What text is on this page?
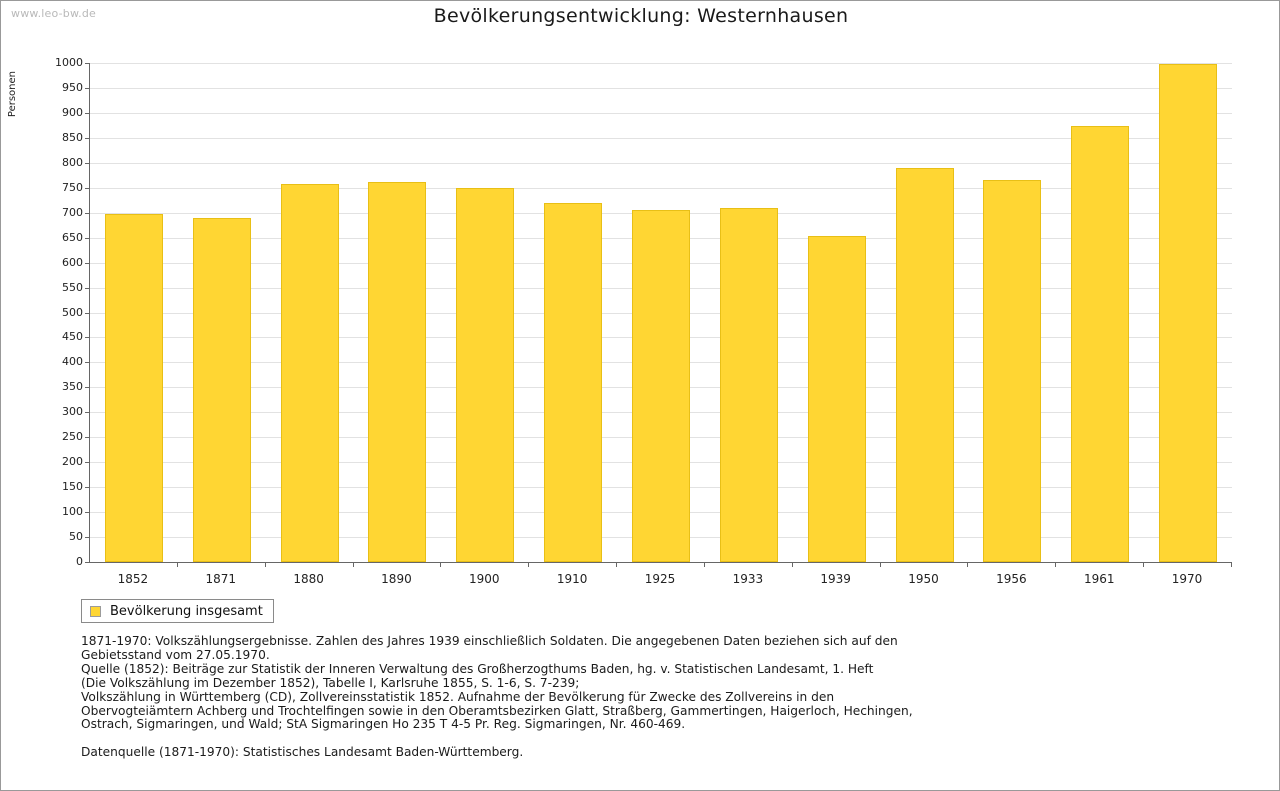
www.leo-bw.de	Bevölkerungsentwicklung: Westernhausen
Personen
Bevölkerung insgesamt

1871-1970: Volkszählungsergebnisse. Zahlen des Jahres 1939 einschließlich Soldaten. Die angegebenen Daten beziehen sich auf den

Gebietsstand vom 27.05.1970.

Quelle (1852): Beiträge zur Statistik der Inneren Verwaltung des Großherzogthums Baden, hg. v. Statistischen Landesamt, 1. Heft

(Die Volkszählung im Dezember 1852), Tabelle I, Karlsruhe 1855, S. 1-6, S. 7-239;

Volkszählung in Württemberg (CD), Zollvereinsstatistik 1852. Aufnahme der Bevölkerung für Zwecke des Zollvereins in den

Obervogteiämtern Achberg und Trochtelfingen sowie in den Oberamtsbezirken Glatt, Straßberg, Gammertingen, Haigerloch, Hechingen,

Ostrach, Sigmaringen, und Wald; StA Sigmaringen Ho 235 T 4-5 Pr. Reg. Sigmaringen, Nr. 460-469.

Datenquelle (1871-1970): Statistisches Landesamt Baden-Württemberg.

0
50
100
150
200
250
300
350
400
450
500
550
600
650
700
750
800
850
900
950
1000
1852	1871	1880	1890	1900	1910	1925	1933	1939	1950	1956	1961	1970
